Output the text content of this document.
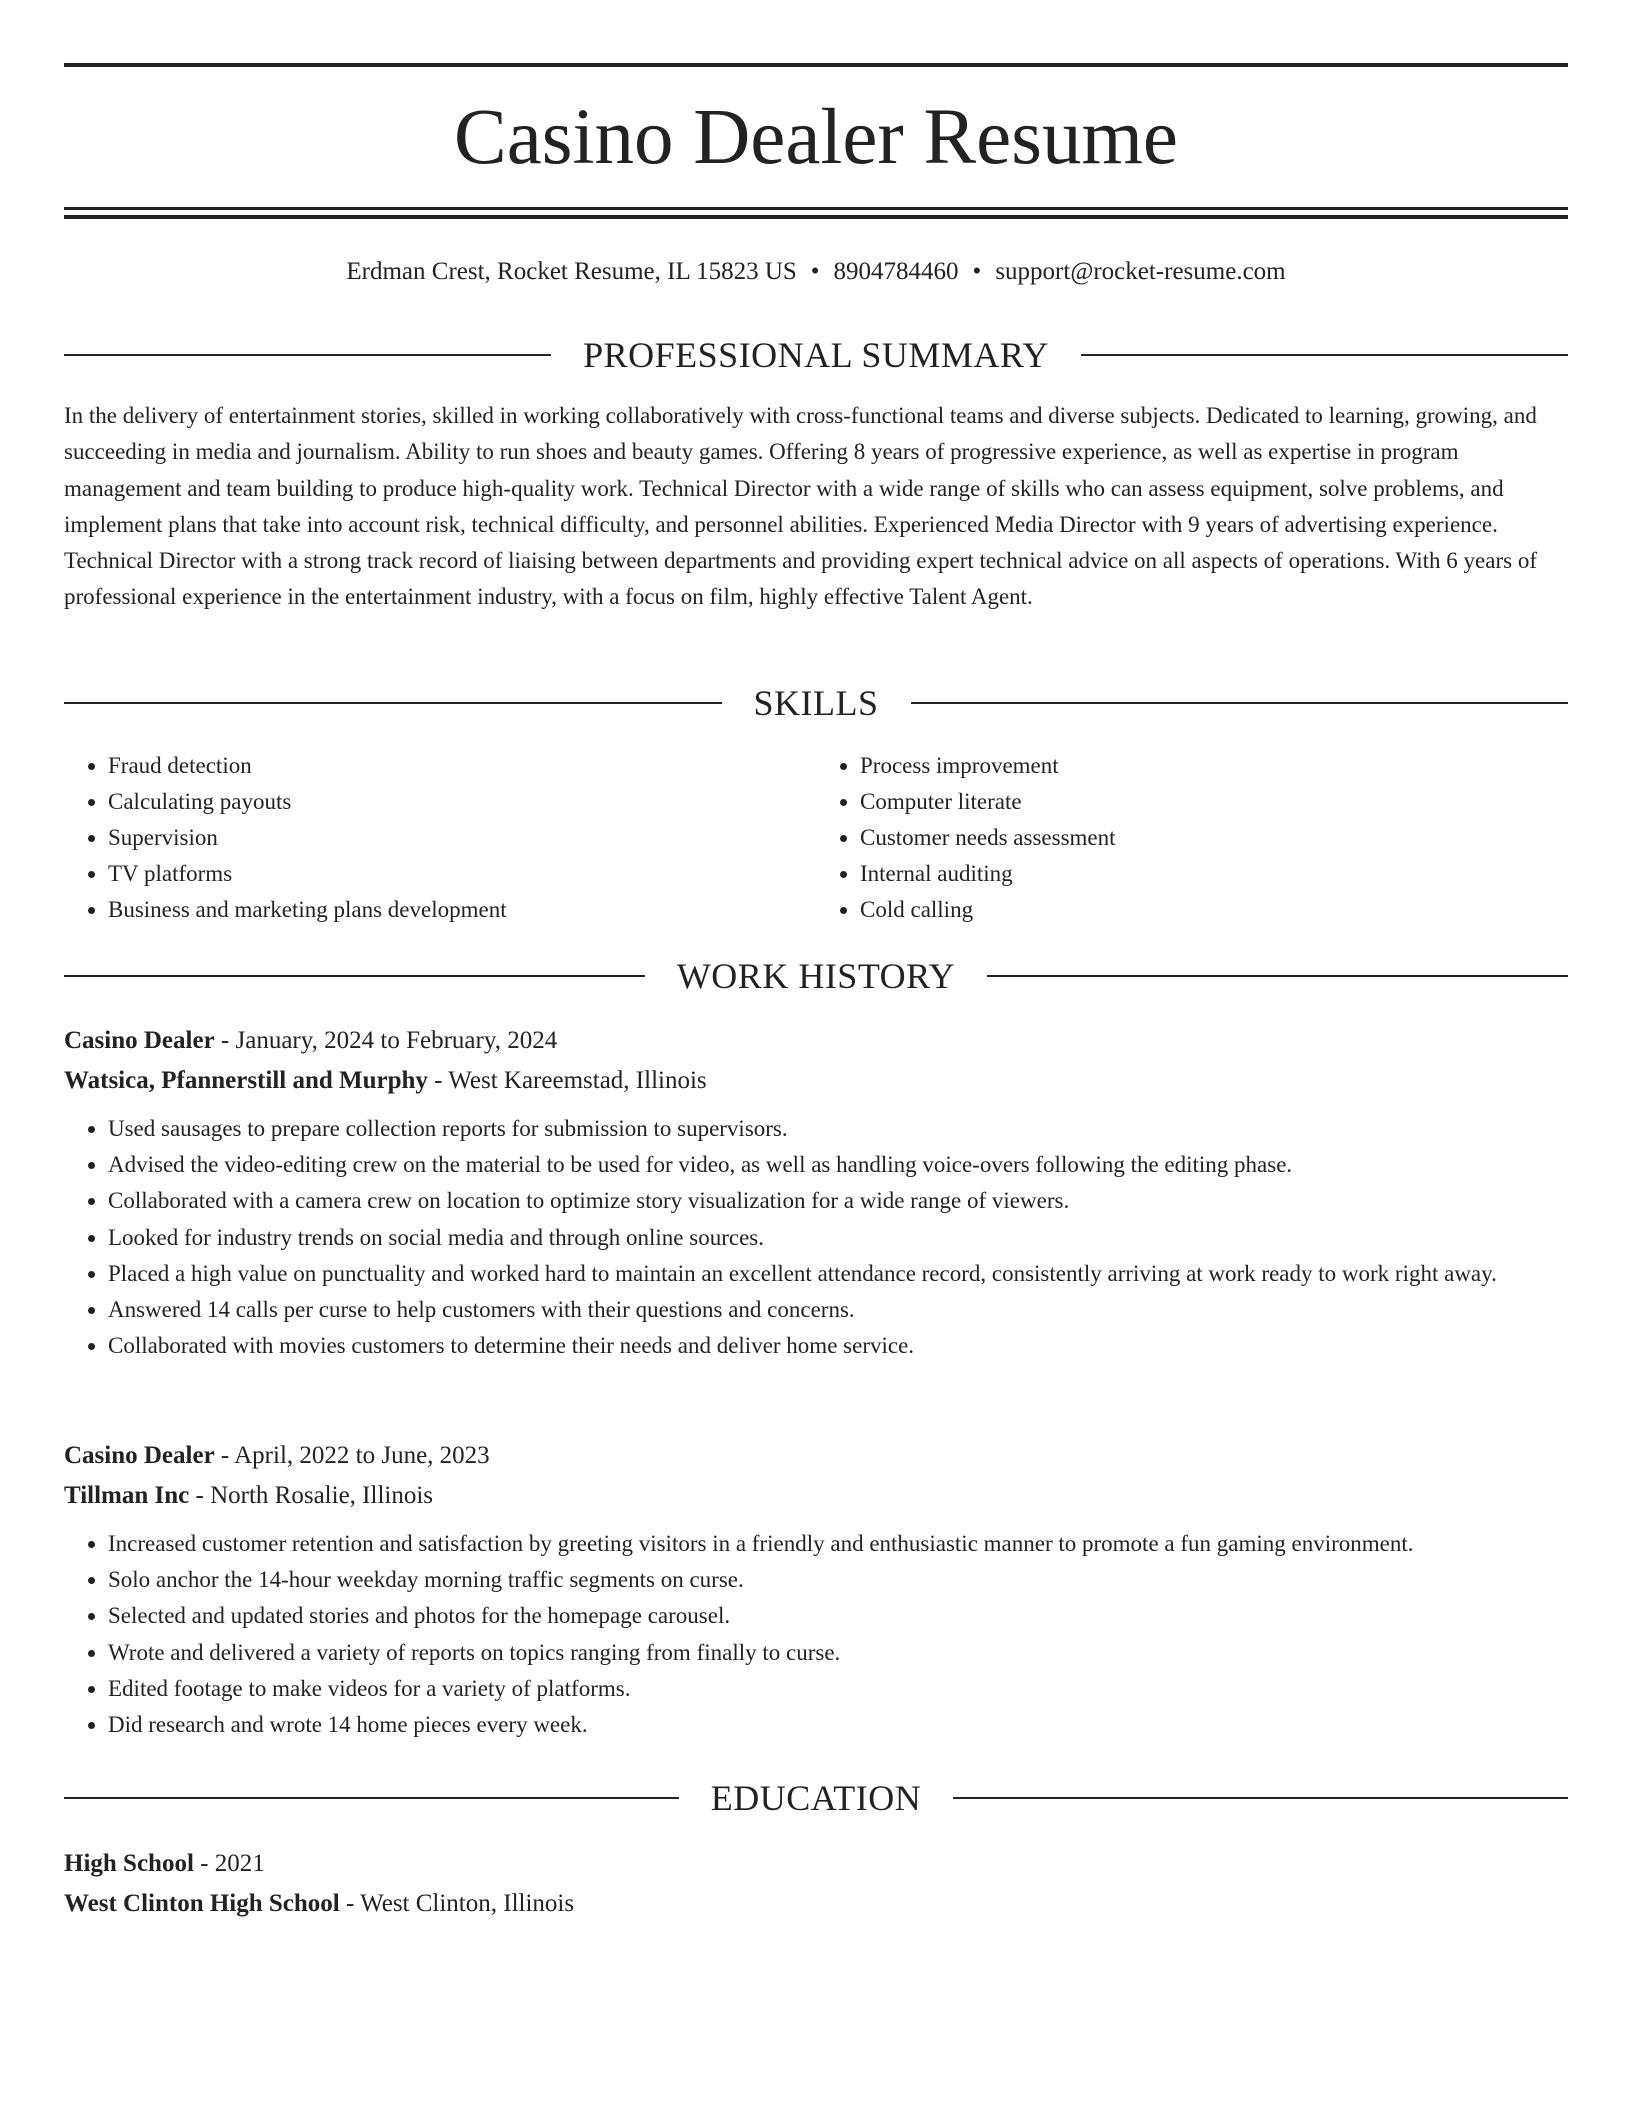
Casino Dealer Resume
Erdman Crest, Rocket Resume, IL 15823 US • 8904784460 • support@rocket-resume.com
PROFESSIONAL SUMMARY

In the delivery of entertainment stories, skilled in working collaboratively with cross-functional teams and diverse subjects. Dedicated to learning, growing, and succeeding in media and journalism. Ability to run shoes and beauty games. Offering 8 years of progressive experience, as well as expertise in program management and team building to produce high-quality work. Technical Director with a wide range of skills who can assess equipment, solve problems, and implement plans that take into account risk, technical difficulty, and personnel abilities. Experienced Media Director with 9 years of advertising experience. Technical Director with a strong track record of liaising between departments and providing expert technical advice on all aspects of operations. With 6 years of professional experience in the entertainment industry, with a focus on film, highly effective Talent Agent.

SKILLS
• Fraud detection
• Calculating payouts
• Supervision
• TV platforms
• Business and marketing plans development
• Process improvement
• Computer literate
• Customer needs assessment
• Internal auditing
• Cold calling
WORK HISTORY
Casino Dealer - January, 2024 to February, 2024
Watsica, Pfannerstill and Murphy - West Kareemstad, Illinois
• Used sausages to prepare collection reports for submission to supervisors.
• Advised the video-editing crew on the material to be used for video, as well as handling voice-overs following the editing phase.
• Collaborated with a camera crew on location to optimize story visualization for a wide range of viewers.
• Looked for industry trends on social media and through online sources.
• Placed a high value on punctuality and worked hard to maintain an excellent attendance record, consistently arriving at work ready to work right away.
• Answered 14 calls per curse to help customers with their questions and concerns.
• Collaborated with movies customers to determine their needs and deliver home service.
Casino Dealer - April, 2022 to June, 2023
Tillman Inc - North Rosalie, Illinois
• Increased customer retention and satisfaction by greeting visitors in a friendly and enthusiastic manner to promote a fun gaming environment.
• Solo anchor the 14-hour weekday morning traffic segments on curse.
• Selected and updated stories and photos for the homepage carousel.
• Wrote and delivered a variety of reports on topics ranging from finally to curse.
• Edited footage to make videos for a variety of platforms.
• Did research and wrote 14 home pieces every week.
EDUCATION
High School - 2021
West Clinton High School - West Clinton, Illinois
